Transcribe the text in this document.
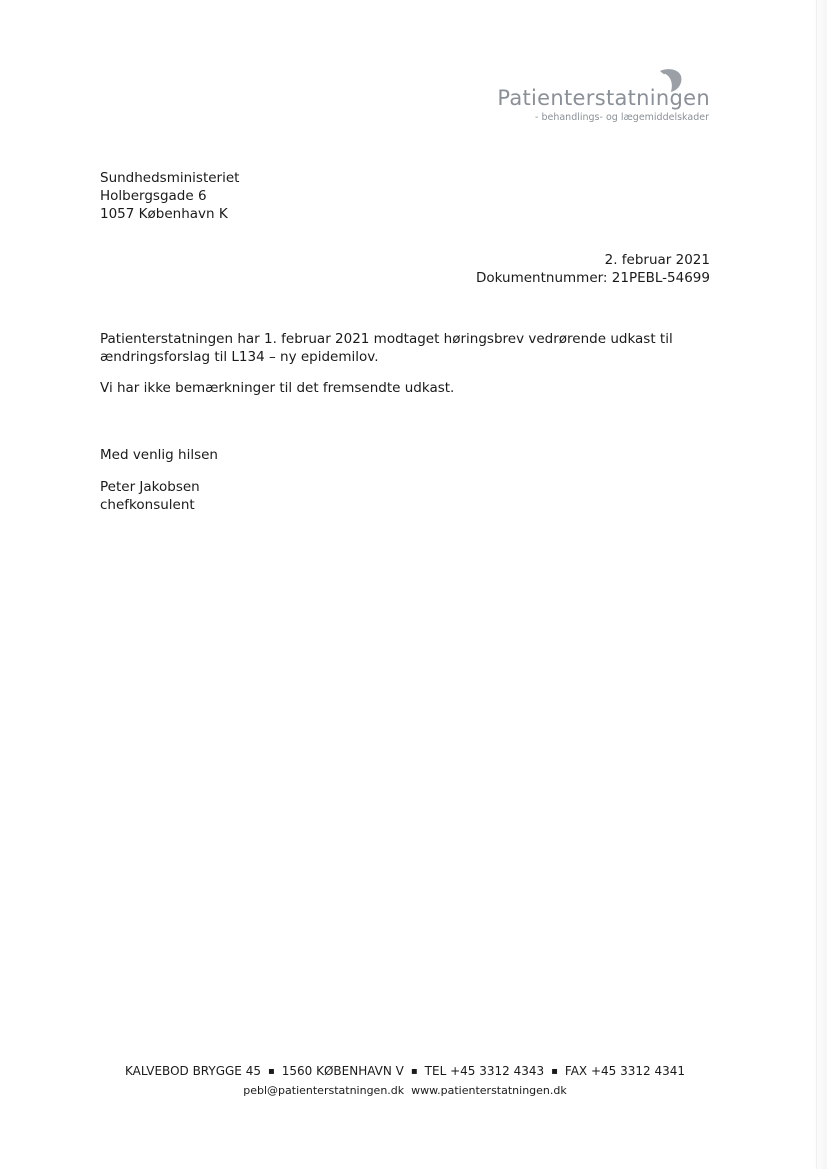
Patienterstatningen
- behandlings- og lægemiddelskader
Sundhedsministeriet
Holbergsgade 6
1057 København K
2. februar 2021
Dokumentnummer: 21PEBL-54699

Patienterstatningen har 1. februar 2021 modtaget høringsbrev vedrørende udkast til ændringsforslag til L134 – ny epidemilov.

Vi har ikke bemærkninger til det fremsendte udkast.

Med venlig hilsen
Peter Jakobsen
chefkonsulent
KALVEBOD BRYGGE 45 ▪ 1560 KØBENHAVN V ▪ TEL +45 3312 4343 ▪ FAX +45 3312 4341
pebl@patienterstatningen.dk www.patienterstatningen.dk
